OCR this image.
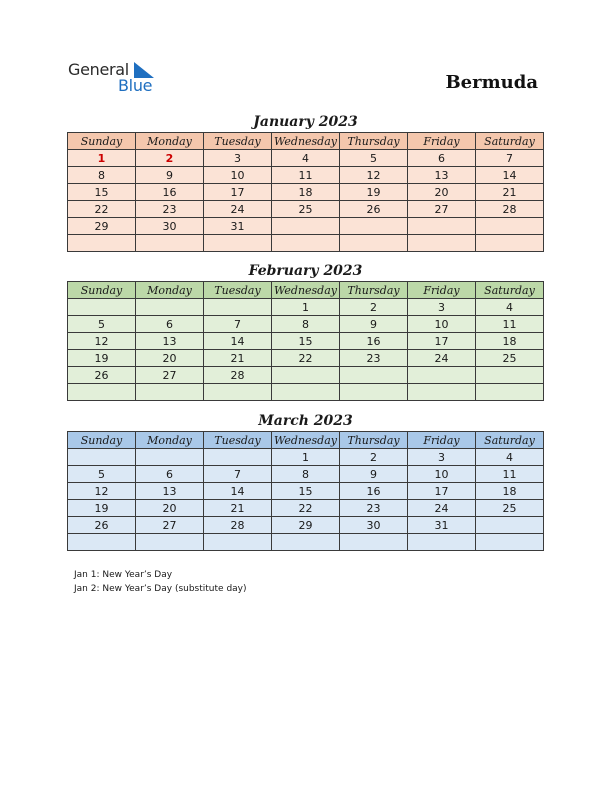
General
Blue	Bermuda
January 2023
Sunday	Monday	Tuesday	Wednesday	Thursday	Friday	Saturday
1	2	3	4	5	6	7
8	9	10	11	12	13	14
15	16	17	18	19	20	21
22	23	24	25	26	27	28
29	30	31				

February 2023
Sunday	Monday	Tuesday	Wednesday	Thursday	Friday	Saturday
			1	2	3	4
5	6	7	8	9	10	11
12	13	14	15	16	17	18
19	20	21	22	23	24	25
26	27	28				

March 2023
Sunday	Monday	Tuesday	Wednesday	Thursday	Friday	Saturday
			1	2	3	4
5	6	7	8	9	10	11
12	13	14	15	16	17	18
19	20	21	22	23	24	25
26	27	28	29	30	31	

Jan 1: New Year’s Day
Jan 2: New Year’s Day (substitute day)
